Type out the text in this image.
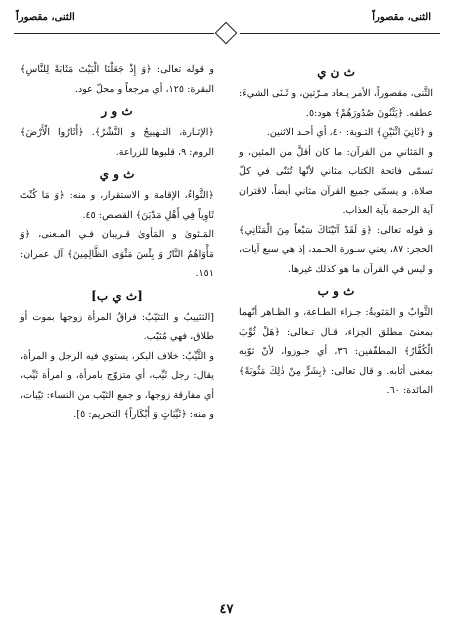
الثنى، مقصوراً
الثنى، مقصوراً

ث ن ي

الثَّنى، مقصوراً، الأمر يـعاد مـرّتين، و ثَـنَى الشيءَ: عطفه. ﴿يَثْنُونَ صُدُورَهُمْ﴾ هود:٥.

و ﴿ثَانِيَ اثْنَيْنِ﴾ التـوبة: ٤٠، أي أحـد الاثنين.

و المَثاني من القرآن: ما كان أقلَّ من المئين، و تسمّى فاتحة الكتاب مثاني لأنّها تُثنّى في كلّ صلاة. و يسمّى جميع القرآن مثاني أيضاً، لاقتران آية الرحمة بآية العذاب.

و قوله تعالى: ﴿وَ لَقَدْ آتَيْنَاكَ سَبْعاً مِنَ الْمَثَانِي﴾ الحجر: ٨٧، يعني سـورة الحـمد، إذ هي سبع آيات، و ليس في القرآن ما هو كذلك غيرها.

ث و ب

الثَّوابُ و المَثوبةُ: جـزاء الطـاعة، و الظـاهر أنّهما بمعنىً مطلق الجزاء، قـال تـعالى: ﴿هَلْ ثُوِّبَ الْكُفَّارُ﴾ المطفّفين: ٣٦، أي جـوزوا، لأنّ ثوّبه بمعنى أثابه. و قال تعالى: ﴿بِشَرٍّ مِنْ ذٰلِكَ مَثُوبَةً﴾ المائدة: ٦٠.

و قوله تعالى: ﴿وَ إِذْ جَعَلْنَا الْبَيْتَ مَثَابَةً لِلنَّاسِ﴾ البقرة: ١٢٥، أي مرجعاً و محلّ عود.

ث و ر

﴿الإثـارة، التـهييجُ و النَّشْرُ﴾. ﴿أَثَارُوا الْأَرْضَ﴾ الروم: ٩، قلبوها للزراعة.

ث و ي

﴿الثَّواءُ، الإقامة و الاستقرار، و منه: ﴿وَ مَا كُنْتَ ثَاوِياً فِي أَهْلِ مَدْيَنَ﴾ القصص: ٤٥.

المَـثوىٰ و المَأوىٰ قـريبان فـي المـعنى، ﴿وَ مَأْوَاهُمُ النَّارُ وَ بِئْسَ مَثْوَى الظَّالِمِينَ﴾ آل عمران: ١٥١.

[ث ي ب]

[التثييبُ و التثيّبُ: فراقُ المرأة زوجها بموت أو طلاق، فهي مُثيّب.

و الثَّيِّبُ: خلاف البكر، يستوي فيه الرجل و المرأة، يقال: رجل ثَيِّب، أي متزوّج بامرأة، و امرأة ثَيِّب، أي مفارقة زوجها، و جمع الثيّب من النساء: ثيّبات، و منه: ﴿ثَيِّبَاتٍ وَ أَبْكَاراً﴾ التحريم: ٥].

٤٧
